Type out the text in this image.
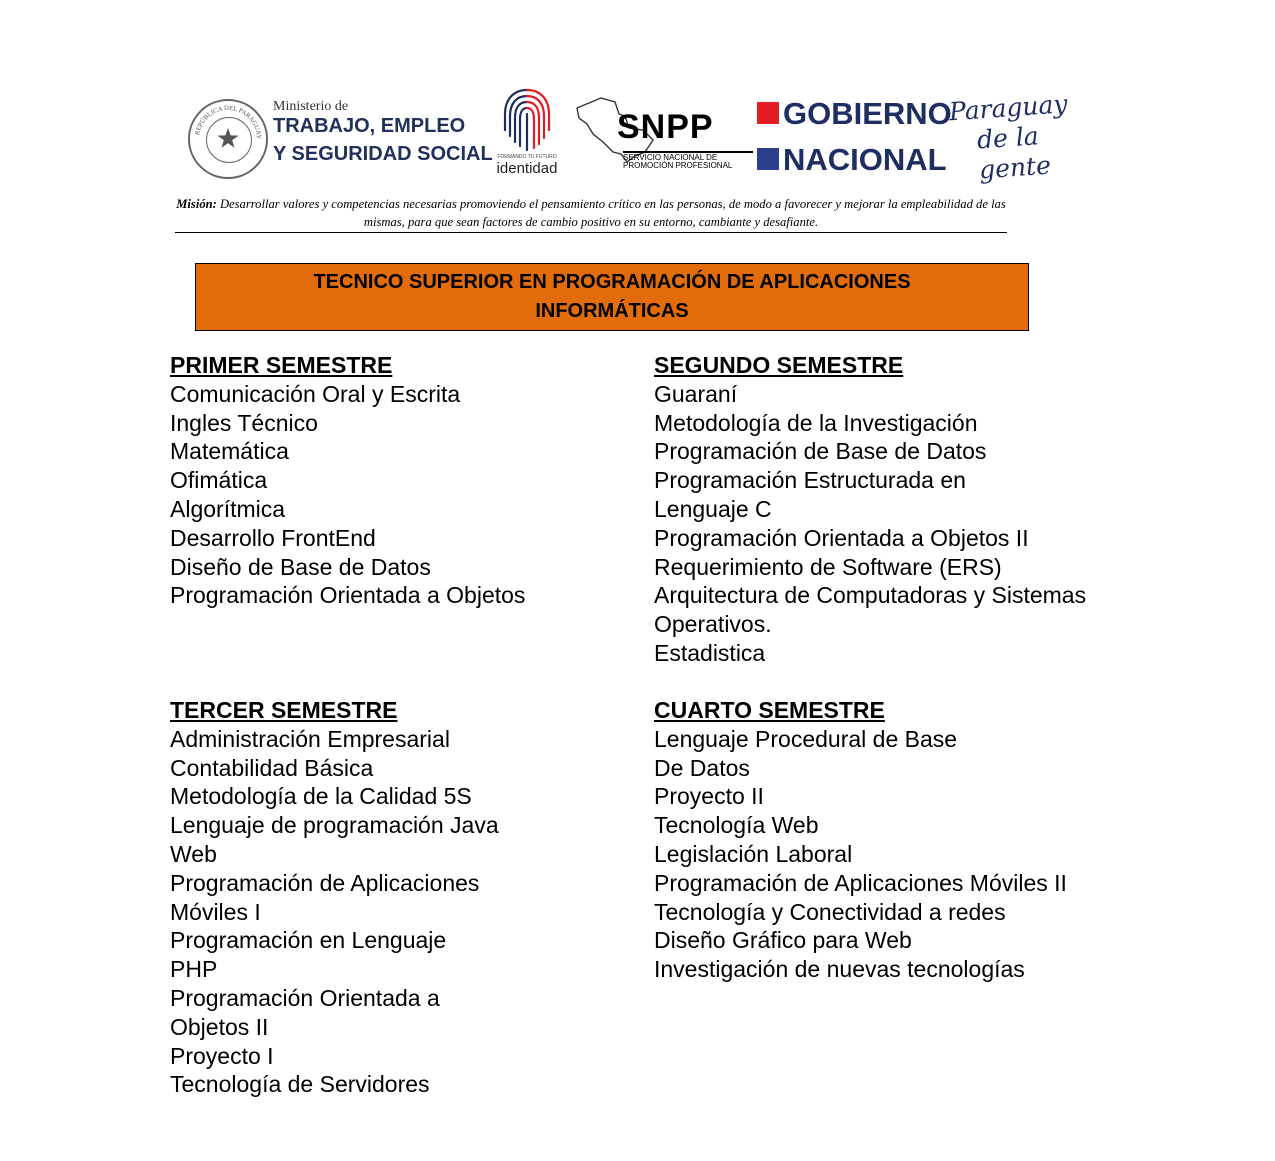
REPÚBLICA DEL PARAGUAY
Ministerio de
TRABAJO, EMPLEO
Y SEGURIDAD SOCIAL FORMANDO TU FUTURO
identidad
SNPP
SERVICIO NACIONAL DE
PROMOCIÓN PROFESIONAL
GOBIERNO
NACIONAL
Paraguay
de la gente
Misión: Desarrollar valores y competencias necesarias promoviendo el pensamiento crítico en las personas, de modo a favorecer y mejorar la empleabilidad de las mismas, para que sean factores de cambio positivo en su entorno, cambiante y desafiante.
TECNICO SUPERIOR EN PROGRAMACIÓN DE APLICACIONES INFORMÁTICAS
PRIMER SEMESTRE
Comunicación Oral y Escrita
Ingles Técnico
Matemática
Ofimática
Algorítmica
Desarrollo FrontEnd
Diseño de Base de Datos
Programación Orientada a Objetos
SEGUNDO SEMESTRE
Guaraní
Metodología de la Investigación
Programación de Base de Datos
Programación Estructurada en
Lenguaje C
Programación Orientada a Objetos II
Requerimiento de Software (ERS)
Arquitectura de Computadoras y Sistemas
Operativos.
Estadistica
TERCER SEMESTRE
Administración Empresarial
Contabilidad Básica
Metodología de la Calidad 5S
Lenguaje de programación Java
Web
Programación de Aplicaciones
Móviles I
Programación en Lenguaje
PHP
Programación Orientada a
Objetos II
Proyecto I
Tecnología de Servidores
CUARTO SEMESTRE
Lenguaje Procedural de Base
De Datos
Proyecto II
Tecnología Web
Legislación Laboral
Programación de Aplicaciones Móviles II
Tecnología y Conectividad a redes
Diseño Gráfico para Web
Investigación de nuevas tecnologías
